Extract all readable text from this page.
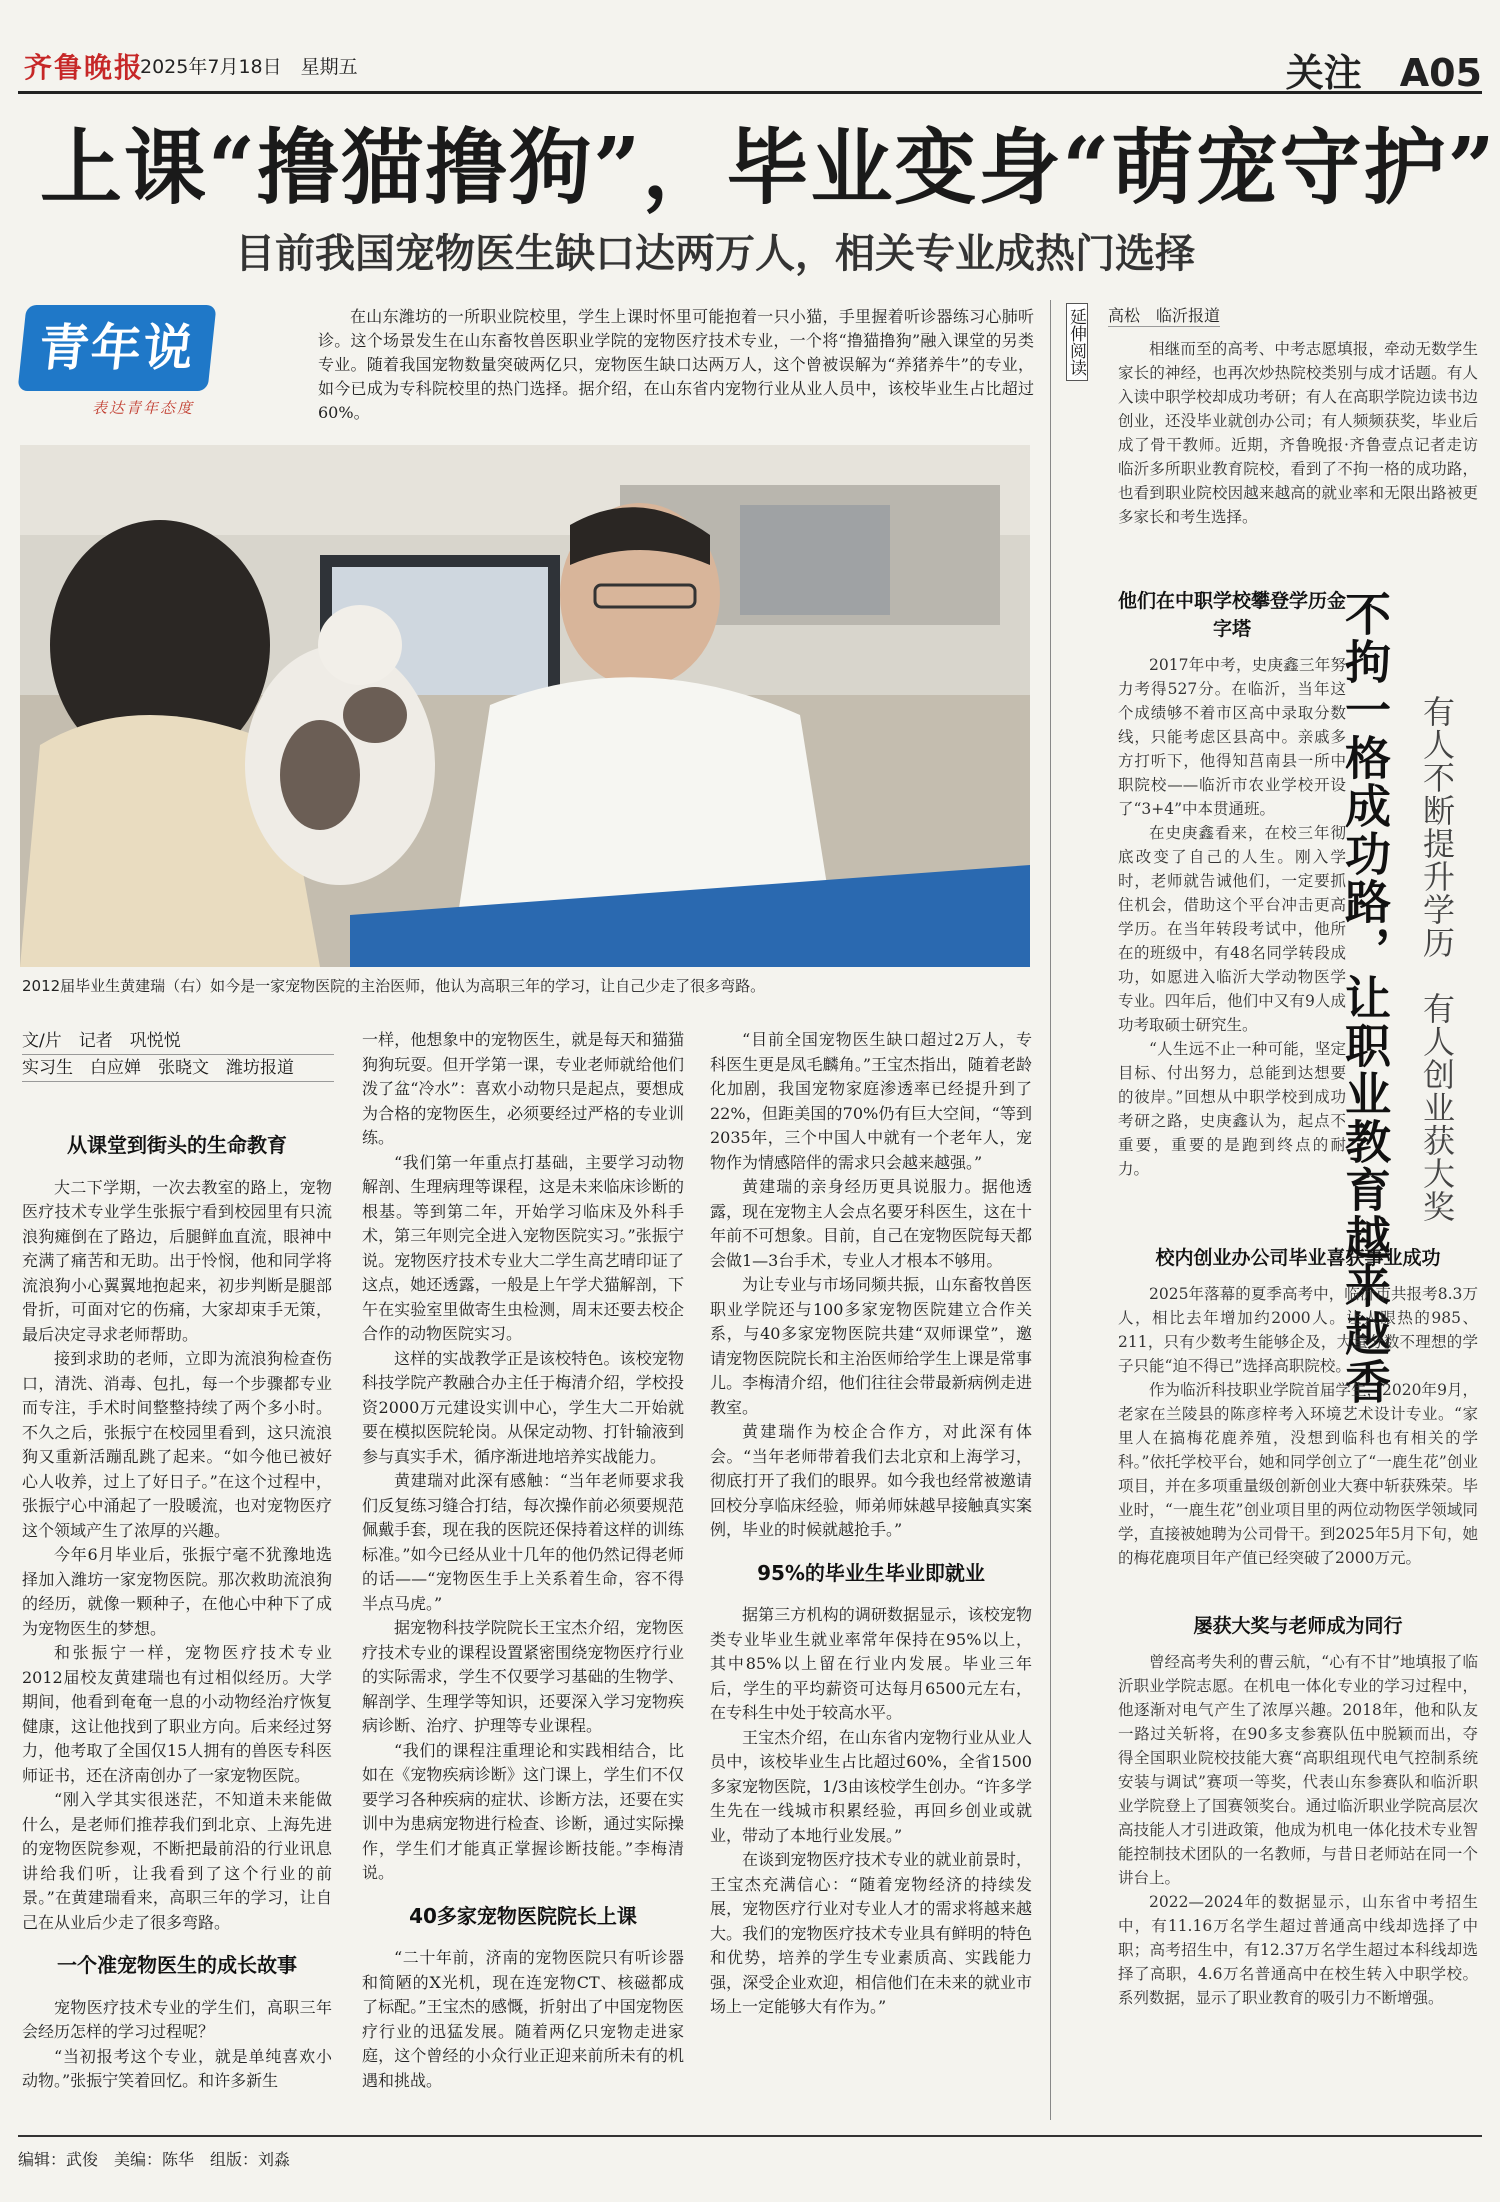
齐鲁晚报
2025年7月18日　星期五	关注　A05
上课“撸猫撸狗”，毕业变身“萌宠守护”
目前我国宠物医生缺口达两万人，相关专业成热门选择
青年说
表达青年态度

在山东潍坊的一所职业院校里，学生上课时怀里可能抱着一只小猫，手里握着听诊器练习心肺听诊。这个场景发生在山东畜牧兽医职业学院的宠物医疗技术专业，一个将“撸猫撸狗”融入课堂的另类专业。随着我国宠物数量突破两亿只，宠物医生缺口达两万人，这个曾被误解为“养猪养牛”的专业，如今已成为专科院校里的热门选择。据介绍，在山东省内宠物行业从业人员中，该校毕业生占比超过60%。

2012届毕业生黄建瑞（右）如今是一家宠物医院的主治医师，他认为高职三年的学习，让自己少走了很多弯路。
文/片　记者　巩悦悦
实习生　白应婵　张晓文　潍坊报道
从课堂到街头的生命教育

大二下学期，一次去教室的路上，宠物医疗技术专业学生张振宁看到校园里有只流浪狗瘫倒在了路边，后腿鲜血直流，眼神中充满了痛苦和无助。出于怜悯，他和同学将流浪狗小心翼翼地抱起来，初步判断是腿部骨折，可面对它的伤痛，大家却束手无策，最后决定寻求老师帮助。

接到求助的老师，立即为流浪狗检查伤口，清洗、消毒、包扎，每一个步骤都专业而专注，手术时间整整持续了两个多小时。不久之后，张振宁在校园里看到，这只流浪狗又重新活蹦乱跳了起来。“如今他已被好心人收养，过上了好日子。”在这个过程中，张振宁心中涌起了一股暖流，也对宠物医疗这个领域产生了浓厚的兴趣。

今年6月毕业后，张振宁毫不犹豫地选择加入潍坊一家宠物医院。那次救助流浪狗的经历，就像一颗种子，在他心中种下了成为宠物医生的梦想。

和张振宁一样，宠物医疗技术专业2012届校友黄建瑞也有过相似经历。大学期间，他看到奄奄一息的小动物经治疗恢复健康，这让他找到了职业方向。后来经过努力，他考取了全国仅15人拥有的兽医专科医师证书，还在济南创办了一家宠物医院。

“刚入学其实很迷茫，不知道未来能做什么，是老师们推荐我们到北京、上海先进的宠物医院参观，不断把最前沿的行业讯息讲给我们听，让我看到了这个行业的前景。”在黄建瑞看来，高职三年的学习，让自己在从业后少走了很多弯路。

一个准宠物医生的成长故事

宠物医疗技术专业的学生们，高职三年会经历怎样的学习过程呢？

“当初报考这个专业，就是单纯喜欢小动物。”张振宁笑着回忆。和许多新生

一样，他想象中的宠物医生，就是每天和猫猫狗狗玩耍。但开学第一课，专业老师就给他们泼了盆“冷水”：喜欢小动物只是起点，要想成为合格的宠物医生，必须要经过严格的专业训练。

“我们第一年重点打基础，主要学习动物解剖、生理病理等课程，这是未来临床诊断的根基。等到第二年，开始学习临床及外科手术，第三年则完全进入宠物医院实习。”张振宁说。宠物医疗技术专业大二学生高艺晴印证了这点，她还透露，一般是上午学犬猫解剖，下午在实验室里做寄生虫检测，周末还要去校企合作的动物医院实习。

这样的实战教学正是该校特色。该校宠物科技学院产教融合办主任于梅清介绍，学校投资2000万元建设实训中心，学生大二开始就要在模拟医院轮岗。从保定动物、打针输液到参与真实手术，循序渐进地培养实战能力。

黄建瑞对此深有感触：“当年老师要求我们反复练习缝合打结，每次操作前必须要规范佩戴手套，现在我的医院还保持着这样的训练标准。”如今已经从业十几年的他仍然记得老师的话——“宠物医生手上关系着生命，容不得半点马虎。”

据宠物科技学院院长王宝杰介绍，宠物医疗技术专业的课程设置紧密围绕宠物医疗行业的实际需求，学生不仅要学习基础的生物学、解剖学、生理学等知识，还要深入学习宠物疾病诊断、治疗、护理等专业课程。

“我们的课程注重理论和实践相结合，比如在《宠物疾病诊断》这门课上，学生们不仅要学习各种疾病的症状、诊断方法，还要在实训中为患病宠物进行检查、诊断，通过实际操作，学生们才能真正掌握诊断技能。”李梅清说。

40多家宠物医院院长上课

“二十年前，济南的宠物医院只有听诊器和简陋的X光机，现在连宠物CT、核磁都成了标配。”王宝杰的感慨，折射出了中国宠物医疗行业的迅猛发展。随着两亿只宠物走进家庭，这个曾经的小众行业正迎来前所未有的机遇和挑战。

“目前全国宠物医生缺口超过2万人，专科医生更是凤毛麟角。”王宝杰指出，随着老龄化加剧，我国宠物家庭渗透率已经提升到了22%，但距美国的70%仍有巨大空间，“等到2035年，三个中国人中就有一个老年人，宠物作为情感陪伴的需求只会越来越强。”

黄建瑞的亲身经历更具说服力。据他透露，现在宠物主人会点名要牙科医生，这在十年前不可想象。目前，自己在宠物医院每天都会做1—3台手术，专业人才根本不够用。

为让专业与市场同频共振，山东畜牧兽医职业学院还与100多家宠物医院建立合作关系，与40多家宠物医院共建“双师课堂”，邀请宠物医院院长和主治医师给学生上课是常事儿。李梅清介绍，他们往往会带最新病例走进教室。

黄建瑞作为校企合作方，对此深有体会。“当年老师带着我们去北京和上海学习，彻底打开了我们的眼界。如今我也经常被邀请回校分享临床经验，师弟师妹越早接触真实案例，毕业的时候就越抢手。”

95%的毕业生毕业即就业

据第三方机构的调研数据显示，该校宠物类专业毕业生就业率常年保持在95%以上，其中85%以上留在行业内发展。毕业三年后，学生的平均薪资可达每月6500元左右，在专科生中处于较高水平。

王宝杰介绍，在山东省内宠物行业从业人员中，该校毕业生占比超过60%，全省1500多家宠物医院，1/3由该校学生创办。“许多学生先在一线城市积累经验，再回乡创业或就业，带动了本地行业发展。”

在谈到宠物医疗技术专业的就业前景时，王宝杰充满信心：“随着宠物经济的持续发展，宠物医疗行业对专业人才的需求将越来越大。我们的宠物医疗技术专业具有鲜明的特色和优势，培养的学生专业素质高、实践能力强，深受企业欢迎，相信他们在未来的就业市场上一定能够大有作为。”

延伸阅读 高松　临沂报道

相继而至的高考、中考志愿填报，牵动无数学生家长的神经，也再次炒热院校类别与成才话题。有人入读中职学校却成功考研；有人在高职学院边读书边创业，还没毕业就创办公司；有人频频获奖，毕业后成了骨干教师。近期，齐鲁晚报·齐鲁壹点记者走访临沂多所职业教育院校，看到了不拘一格的成功路，也看到职业院校因越来越高的就业率和无限出路被更多家长和考生选择。

不拘一格成功路，让职业教育越来越香 有人不断提升学历　有人创业获大奖
他们在中职学校攀登学历金字塔

2017年中考，史庚鑫三年努力考得527分。在临沂，当年这个成绩够不着市区高中录取分数线，只能考虑区县高中。亲戚多方打听下，他得知莒南县一所中职院校——临沂市农业学校开设了“3+4”中本贯通班。

在史庚鑫看来，在校三年彻底改变了自己的人生。刚入学时，老师就告诫他们，一定要抓住机会，借助这个平台冲击更高学历。在当年转段考试中，他所在的班级中，有48名同学转段成功，如愿进入临沂大学动物医学专业。四年后，他们中又有9人成功考取硕士研究生。

“人生远不止一种可能，坚定目标、付出努力，总能到达想要的彼岸。”回想从中职学校到成功考研之路，史庚鑫认为，起点不重要，重要的是跑到终点的耐力。

校内创业办公司毕业喜获事业成功

2025年落幕的夏季高考中，临沂市共报考8.3万人，相比去年增加约2000人。让人眼热的985、211，只有少数考生能够企及，大量分数不理想的学子只能“迫不得已”选择高职院校。

作为临沂科技职业学院首届学生，2020年9月，老家在兰陵县的陈彦梓考入环境艺术设计专业。“家里人在搞梅花鹿养殖，没想到临科也有相关的学科。”依托学校平台，她和同学创立了“一鹿生花”创业项目，并在多项重量级创新创业大赛中斩获殊荣。毕业时，“一鹿生花”创业项目里的两位动物医学领域同学，直接被她聘为公司骨干。到2025年5月下旬，她的梅花鹿项目年产值已经突破了2000万元。

屡获大奖与老师成为同行

曾经高考失利的曹云航，“心有不甘”地填报了临沂职业学院志愿。在机电一体化专业的学习过程中，他逐渐对电气产生了浓厚兴趣。2018年，他和队友一路过关斩将，在90多支参赛队伍中脱颖而出，夺得全国职业院校技能大赛“高职组现代电气控制系统安装与调试”赛项一等奖，代表山东参赛队和临沂职业学院登上了国赛领奖台。通过临沂职业学院高层次高技能人才引进政策，他成为机电一体化技术专业智能控制技术团队的一名教师，与昔日老师站在同一个讲台上。

2022—2024年的数据显示，山东省中考招生中，有11.16万名学生超过普通高中线却选择了中职；高考招生中，有12.37万名学生超过本科线却选择了高职，4.6万名普通高中在校生转入中职学校。系列数据，显示了职业教育的吸引力不断增强。

编辑：武俊　美编：陈华　组版：刘淼
